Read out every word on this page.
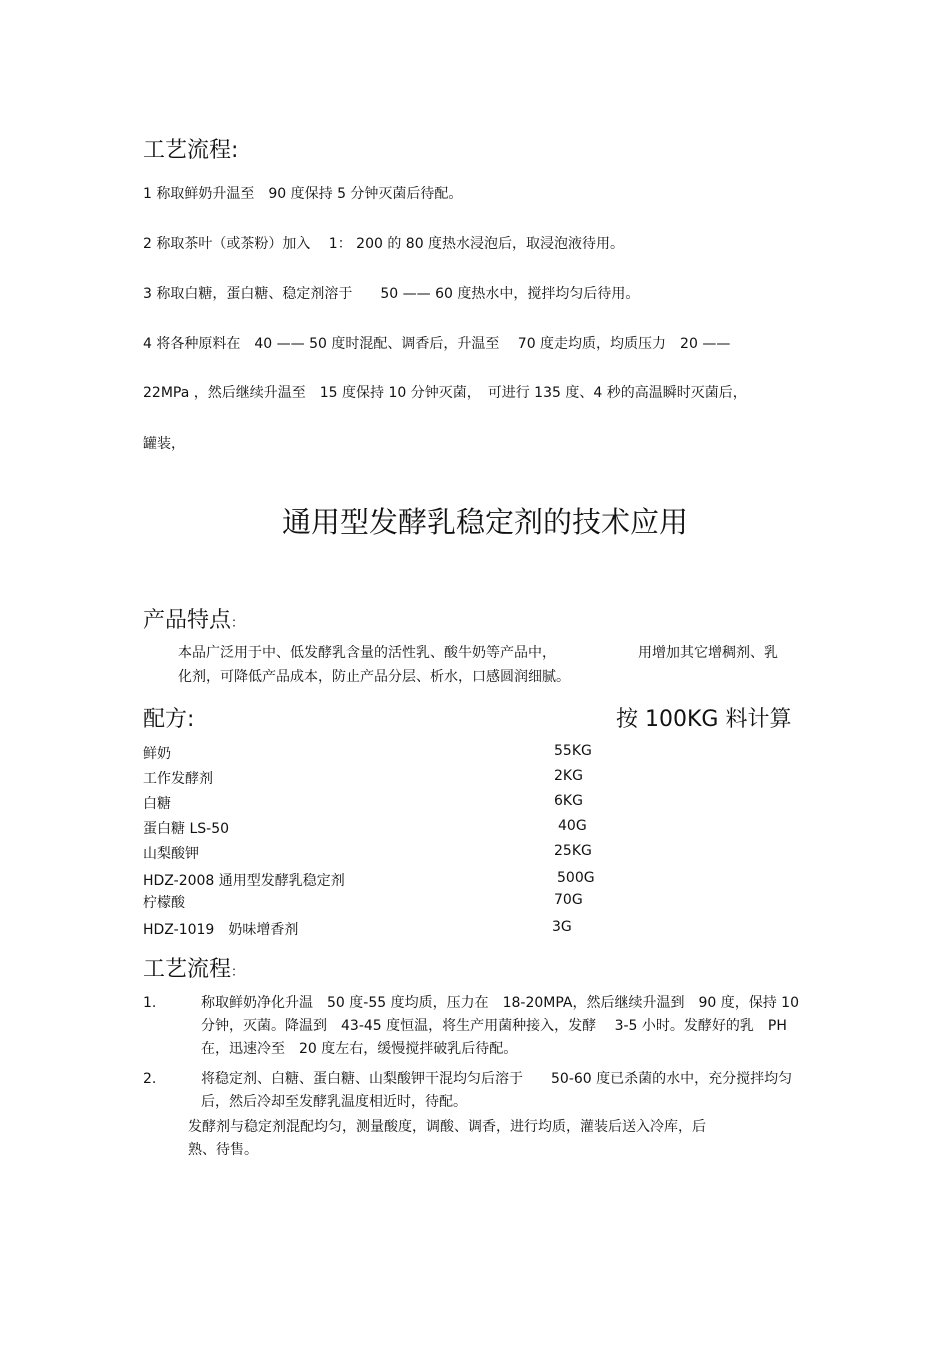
工艺流程:
1 称取鲜奶升温至　90 度保持 5 分钟灭菌后待配。
2 称取茶叶（或茶粉）加入　 1： 200 的 80 度热水浸泡后，取浸泡液待用。
3 称取白糖，蛋白糖、稳定剂溶于　　50 —— 60 度热水中，搅拌均匀后待用。
4 将各种原料在　40 —— 50 度时混配、调香后，升温至　 70 度走均质，均质压力　20 ——
22MPa ，然后继续升温至　15 度保持 10 分钟灭菌，　可进行 135 度、4 秒的高温瞬时灭菌后，
罐装，
通用型发酵乳稳定剂的技术应用
产品特点：
本品广泛用于中、低发酵乳含量的活性乳、酸牛奶等产品中，	用增加其它增稠剂、乳
化剂，可降低产品成本，防止产品分层、析水，口感圆润细腻。
配方:	按 100KG 料计算
鲜奶	55KG
工作发酵剂	2KG
白糖	6KG
蛋白糖 LS-50	40G
山梨酸钾	25KG
HDZ-2008 通用型发酵乳稳定剂	500G
柠檬酸	70G
HDZ-1019　奶味增香剂	3G
工艺流程：
1.	称取鲜奶净化升温　50 度-55 度均质，压力在　18-20MPA，然后继续升温到　90 度，保持 10 分钟，灭菌。降温到　43-45 度恒温，将生产用菌种接入，发酵　 3-5 小时。发酵好的乳　PH 在，迅速冷至　20 度左右，缓慢搅拌破乳后待配。
2.	将稳定剂、白糖、蛋白糖、山梨酸钾干混均匀后溶于　　50-60 度已杀菌的水中，充分搅拌均匀后，然后冷却至发酵乳温度相近时，待配。
发酵剂与稳定剂混配均匀，测量酸度，调酸、调香，进行均质，灌装后送入冷库，后
熟、待售。
